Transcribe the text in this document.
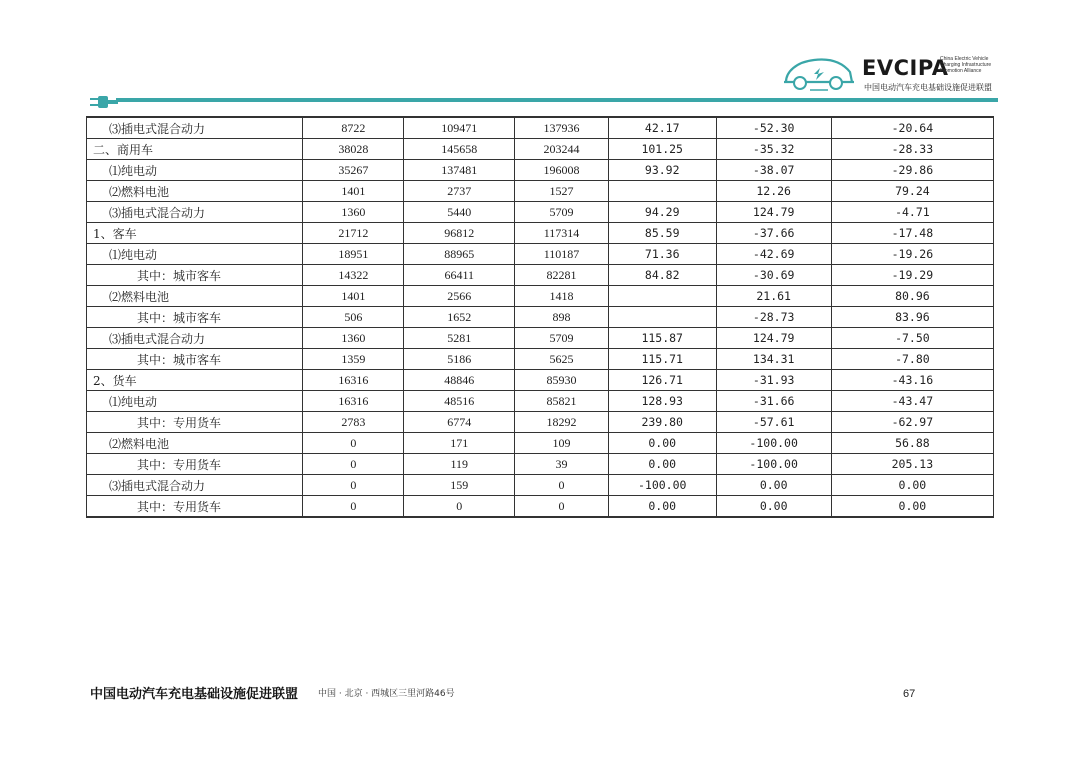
EVCIPA
China Electric Vehicle Charging Infrastructure Promotion Alliance
中国电动汽车充电基础设施促进联盟
⑶插电式混合动力	8722	109471	137936	42.17	-52.30	-20.64
二、商用车	38028	145658	203244	101.25	-35.32	-28.33
⑴纯电动	35267	137481	196008	93.92	-38.07	-29.86
⑵燃料电池	1401	2737	1527		12.26	79.24
⑶插电式混合动力	1360	5440	5709	94.29	124.79	-4.71
1、客车	21712	96812	117314	85.59	-37.66	-17.48
⑴纯电动	18951	88965	110187	71.36	-42.69	-19.26
其中：城市客车	14322	66411	82281	84.82	-30.69	-19.29
⑵燃料电池	1401	2566	1418		21.61	80.96
其中：城市客车	506	1652	898		-28.73	83.96
⑶插电式混合动力	1360	5281	5709	115.87	124.79	-7.50
其中：城市客车	1359	5186	5625	115.71	134.31	-7.80
2、货车	16316	48846	85930	126.71	-31.93	-43.16
⑴纯电动	16316	48516	85821	128.93	-31.66	-43.47
其中：专用货车	2783	6774	18292	239.80	-57.61	-62.97
⑵燃料电池	0	171	109	0.00	-100.00	56.88
其中：专用货车	0	119	39	0.00	-100.00	205.13
⑶插电式混合动力	0	159	0	-100.00	0.00	0.00
其中：专用货车	0	0	0	0.00	0.00	0.00
中国电动汽车充电基础设施促进联盟 中国 · 北京 · 西城区三里河路46号	67
